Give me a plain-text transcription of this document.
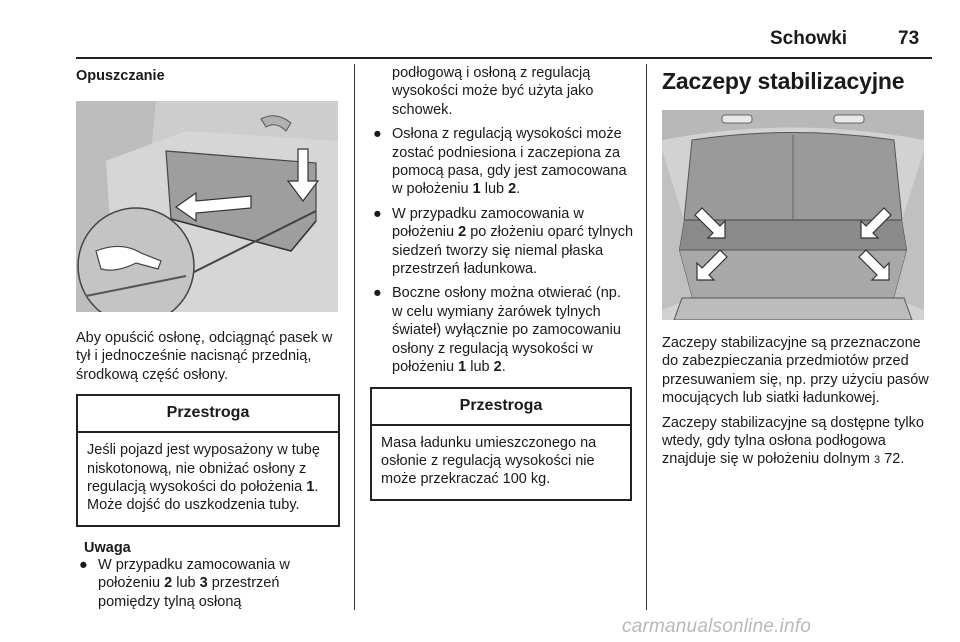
Schowki	73
Opuszczanie

Aby opuścić osłonę, odciągnąć pasek w tył i jednocześnie nacisnąć przednią, środkową część osłony.

Przestroga
Jeśli pojazd jest wyposażony w tubę niskotonową, nie obniżać osłony z regulacją wysokości do położenia 1. Może dojść do uszkodzenia tuby.
Uwaga
● W przypadku zamocowania w położeniu 2 lub 3 przestrzeń pomiędzy tylną osłoną
podłogową i osłoną z regulacją wysokości może być użyta jako schowek.
● Osłona z regulacją wysokości może zostać podniesiona i zaczepiona za pomocą pasa, gdy jest zamocowana w położeniu 1 lub 2.
● W przypadku zamocowania w położeniu 2 po złożeniu oparć tylnych siedzeń tworzy się niemal płaska przestrzeń ładunkowa.
● Boczne osłony można otwierać (np. w celu wymiany żarówek tylnych świateł) wyłącznie po zamocowaniu osłony z regulacją wysokości w położeniu 1 lub 2.
Przestroga
Masa ładunku umieszczonego na osłonie z regulacją wysokości nie może przekraczać 100 kg.
Zaczepy stabilizacyjne

Zaczepy stabilizacyjne są przeznaczone do zabezpieczania przedmiotów przed przesuwaniem się, np. przy użyciu pasów mocujących lub siatki ładunkowej.

Zaczepy stabilizacyjne są dostępne tylko wtedy, gdy tylna osłona podłogowa znajduje się w położeniu dolnym 3 72.

carmanualsonline.info
